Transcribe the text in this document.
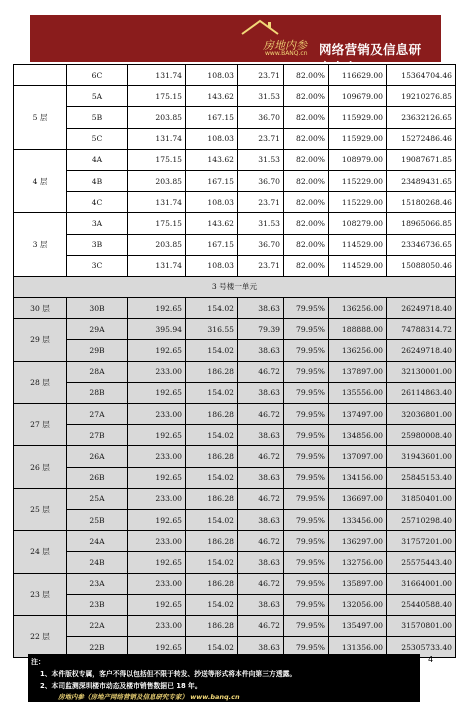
房地内参
www.BANQ.cn 网络营销及信息研究专家
	6C	131.74	108.03	23.71	82.00%	116629.00	15364704.46
5 层	5A	175.15	143.62	31.53	82.00%	109679.00	19210276.85
	5B	203.85	167.15	36.70	82.00%	115929.00	23632126.65
	5C	131.74	108.03	23.71	82.00%	115929.00	15272486.46
4 层	4A	175.15	143.62	31.53	82.00%	108979.00	19087671.85
	4B	203.85	167.15	36.70	82.00%	115229.00	23489431.65
	4C	131.74	108.03	23.71	82.00%	115229.00	15180268.46
3 层	3A	175.15	143.62	31.53	82.00%	108279.00	18965066.85
	3B	203.85	167.15	36.70	82.00%	114529.00	23346736.65
	3C	131.74	108.03	23.71	82.00%	114529.00	15088050.46
3 号楼一单元							
30 层	30B	192.65	154.02	38.63	79.95%	136256.00	26249718.40
29 层	29A	395.94	316.55	79.39	79.95%	188888.00	74788314.72
	29B	192.65	154.02	38.63	79.95%	136256.00	26249718.40
28 层	28A	233.00	186.28	46.72	79.95%	137897.00	32130001.00
	28B	192.65	154.02	38.63	79.95%	135556.00	26114863.40
27 层	27A	233.00	186.28	46.72	79.95%	137497.00	32036801.00
	27B	192.65	154.02	38.63	79.95%	134856.00	25980008.40
26 层	26A	233.00	186.28	46.72	79.95%	137097.00	31943601.00
	26B	192.65	154.02	38.63	79.95%	134156.00	25845153.40
25 层	25A	233.00	186.28	46.72	79.95%	136697.00	31850401.00
	25B	192.65	154.02	38.63	79.95%	133456.00	25710298.40
24 层	24A	233.00	186.28	46.72	79.95%	136297.00	31757201.00
	24B	192.65	154.02	38.63	79.95%	132756.00	25575443.40
23 层	23A	233.00	186.28	46.72	79.95%	135897.00	31664001.00
	23B	192.65	154.02	38.63	79.95%	132056.00	25440588.40
22 层	22A	233.00	186.28	46.72	79.95%	135497.00	31570801.00
	22B	192.65	154.02	38.63	79.95%	131356.00	25305733.40
注：
1、本件版权专属，客户不得以包括但不限于转发、抄送等形式将本件向第三方透露。
2、本司监测深圳楼市动态及楼市销售数据已 18 年。
房地内参（房地产网络营销及信息研究专家） www.banq.cn
4
